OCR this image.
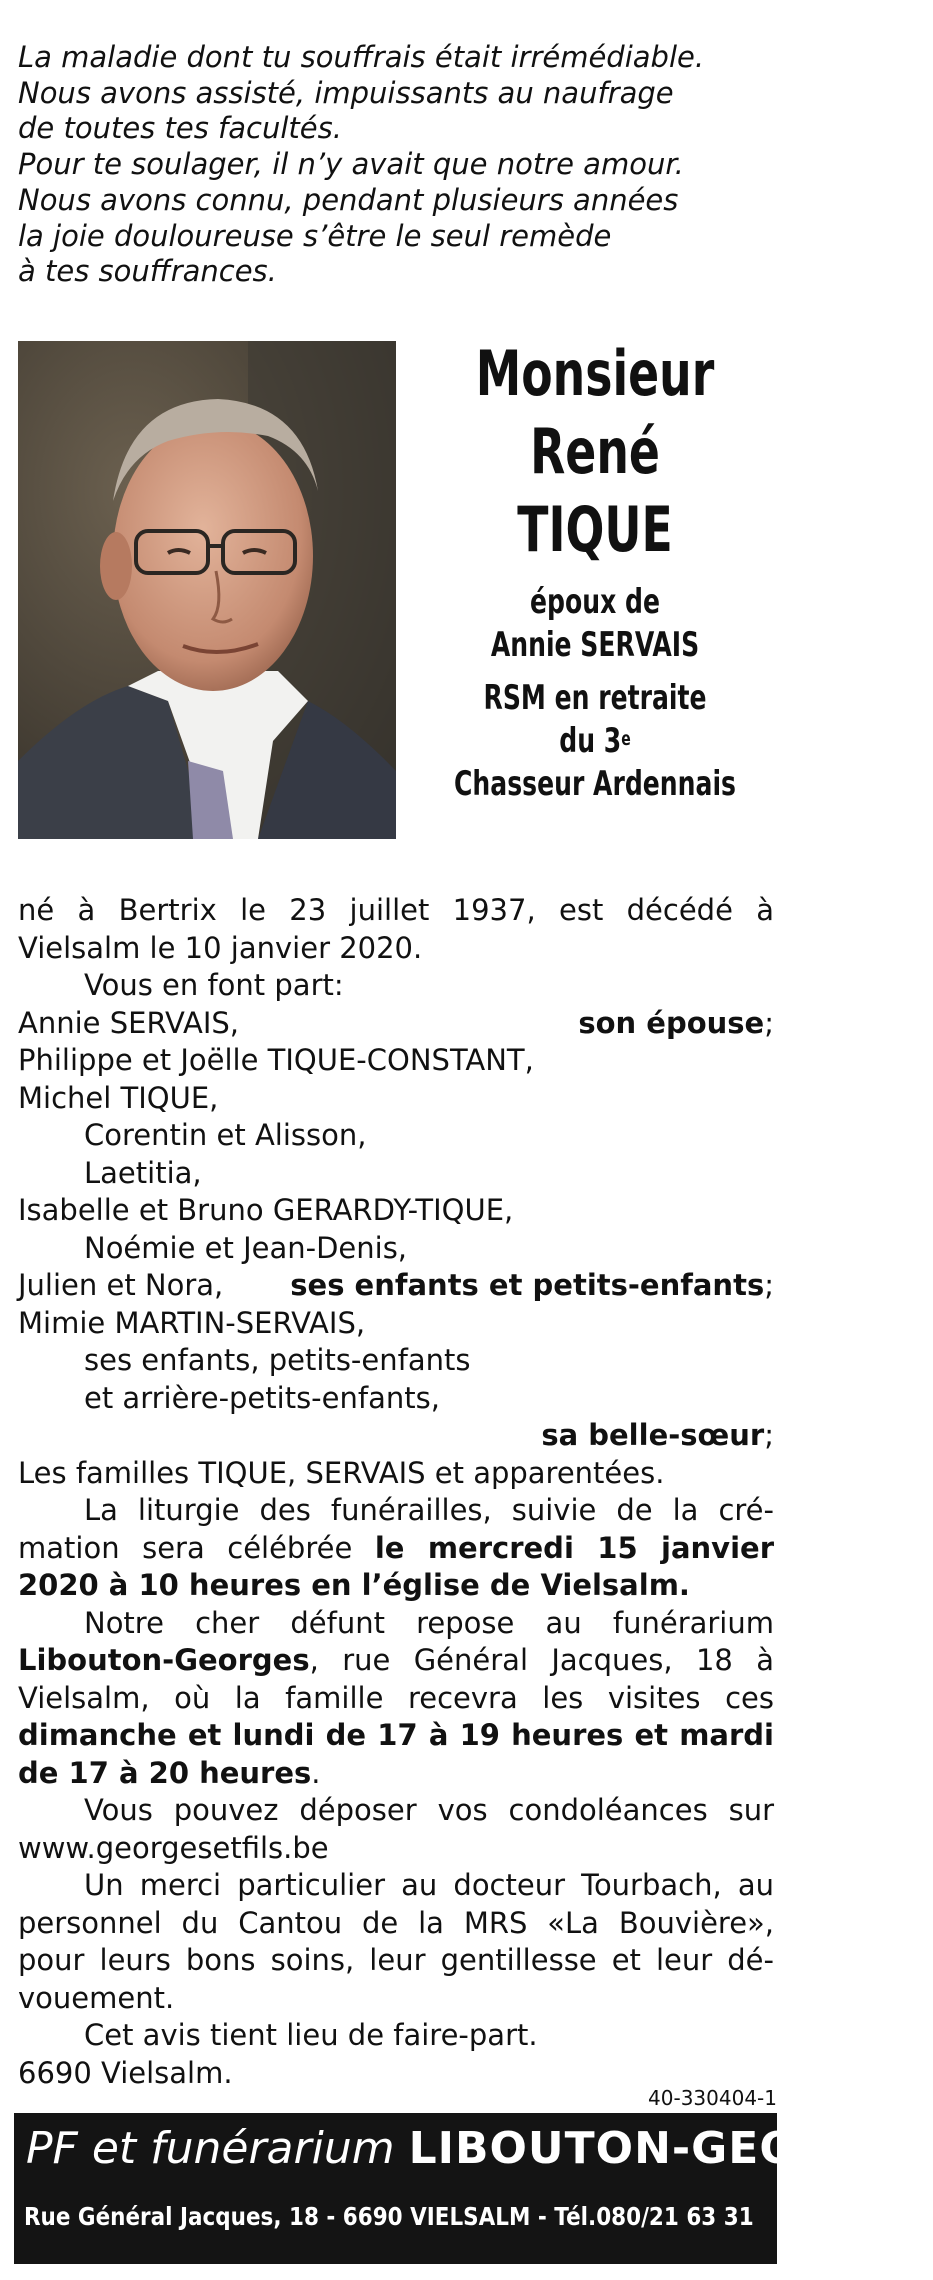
La maladie dont tu souffrais était irrémédiable.
Nous avons assisté, impuissants au naufrage
de toutes tes facultés.
Pour te soulager, il n’y avait que notre amour.
Nous avons connu, pendant plusieurs années
la joie douloureuse s’être le seul remède
à tes souffrances.
Monsieur
René
TIQUE
époux de
Annie SERVAIS
RSM en retraite
du 3e
Chasseur Ardennais
né à Bertrix le 23 juillet 1937, est décédé à Vielsalm le 10 janvier 2020.
Vous en font part:
Annie SERVAIS,	son épouse;
Philippe et Joëlle TIQUE-CONSTANT,
Michel TIQUE,
Corentin et Alisson,
Laetitia,
Isabelle et Bruno GERARDY-TIQUE,
Noémie et Jean-Denis,
Julien et Nora, ses enfants et petits-enfants;
Mimie MARTIN-SERVAIS,
ses enfants, petits-enfants
et arrière-petits-enfants,
sa belle-sœur;
Les familles TIQUE, SERVAIS et apparentées.
La liturgie des funérailles, suivie de la crémation sera célébrée le mercredi 15 janvier 2020 à 10 heures en l’église de Vielsalm.
Notre cher défunt repose au funérarium Libouton-Georges, rue Général Jacques, 18 à Vielsalm, où la famille recevra les visites ces dimanche et lundi de 17 à 19 heures et mardi de 17 à 20 heures.
Vous pouvez déposer vos condoléances sur www.georgesetfils.be
Un merci particulier au docteur Tourbach, au personnel du Cantou de la MRS «La Bouvière», pour leurs bons soins, leur gentillesse et leur dévouement.
Cet avis tient lieu de faire-part.
6690 Vielsalm.
40-330404-1
PF et funérarium LIBOUTON-GEORGES
Rue Général Jacques, 18 - 6690 VIELSALM - Tél.080/21 63 31
